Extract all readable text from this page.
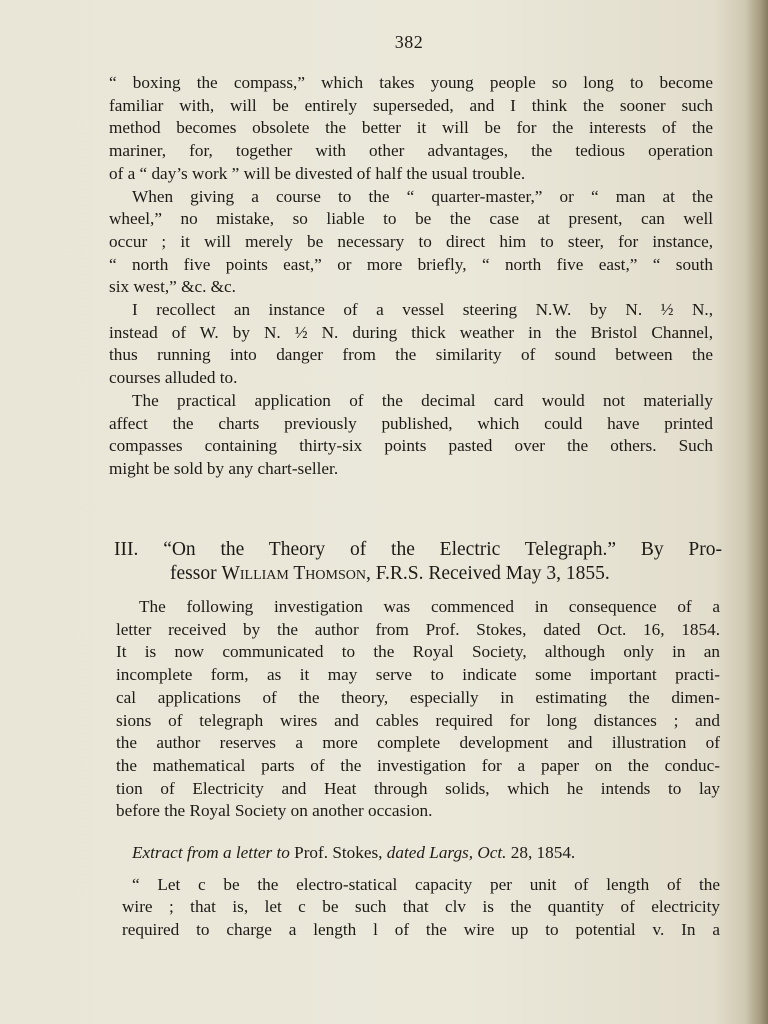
382
“ boxing the compass,” which takes young people so long to become
familiar with, will be entirely superseded, and I think the sooner such
method becomes obsolete the better it will be for the interests of the
mariner, for, together with other advantages, the tedious operation
of a “ day’s work ” will be divested of half the usual trouble.
When giving a course to the “ quarter-master,” or “ man at the
wheel,” no mistake, so liable to be the case at present, can well
occur ; it will merely be necessary to direct him to steer, for instance,
“ north five points east,” or more briefly, “ north five east,” “ south
six west,” &c. &c.
I recollect an instance of a vessel steering N.W. by N. ½ N.,
instead of W. by N. ½ N. during thick weather in the Bristol Channel,
thus running into danger from the similarity of sound between the
courses alluded to.
The practical application of the decimal card would not materially
affect the charts previously published, which could have printed
compasses containing thirty-six points pasted over the others. Such
might be sold by any chart-seller.
III. “On the Theory of the Electric Telegraph.” By Pro-
fessor William Thomson, F.R.S. Received May 3, 1855.
The following investigation was commenced in consequence of a
letter received by the author from Prof. Stokes, dated Oct. 16, 1854.
It is now communicated to the Royal Society, although only in an
incomplete form, as it may serve to indicate some important practi-
cal applications of the theory, especially in estimating the dimen-
sions of telegraph wires and cables required for long distances ; and
the author reserves a more complete development and illustration of
the mathematical parts of the investigation for a paper on the conduc-
tion of Electricity and Heat through solids, which he intends to lay
before the Royal Society on another occasion.

Extract from a letter to Prof. Stokes, dated Largs, Oct. 28, 1854.

“ Let c be the electro-statical capacity per unit of length of the
wire ; that is, let c be such that clv is the quantity of electricity
required to charge a length l of the wire up to potential v. In a
